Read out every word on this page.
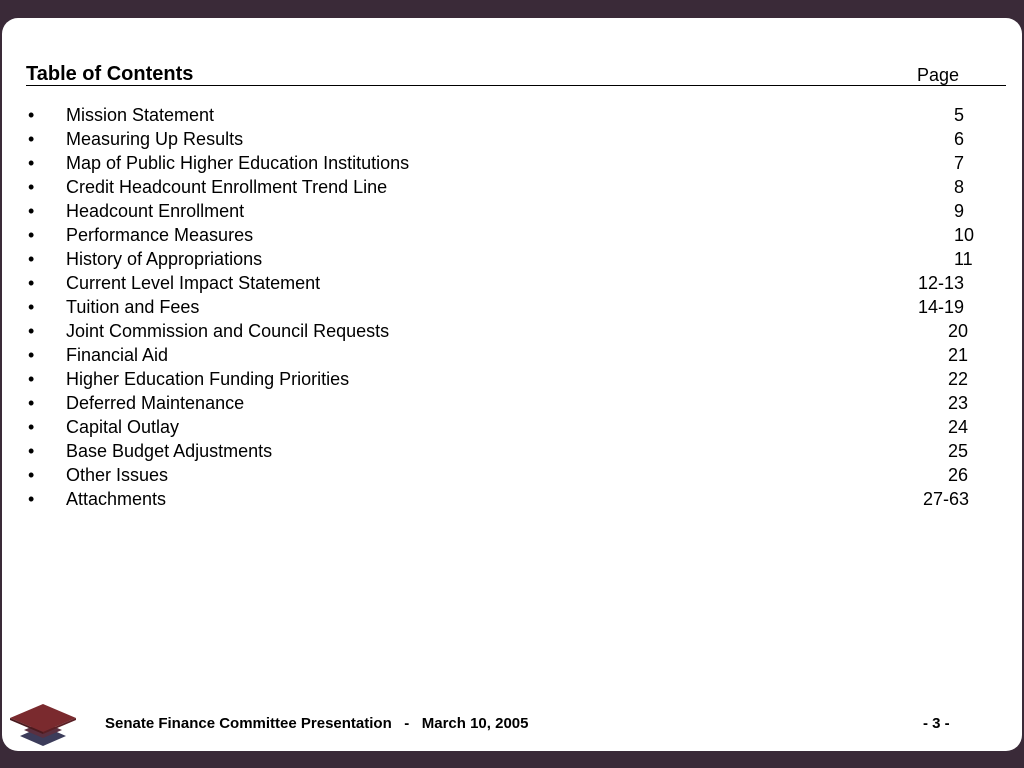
Table of Contents	Page
• Mission Statement	5
• Measuring Up Results	6
• Map of Public Higher Education Institutions	7
• Credit Headcount Enrollment Trend Line	8
• Headcount Enrollment	9
• Performance Measures	10
• History of Appropriations	11
• Current Level Impact Statement	12-13
• Tuition and Fees	14-19
• Joint Commission and Council Requests	20
• Financial Aid	21
• Higher Education Funding Priorities	22
• Deferred Maintenance	23
• Capital Outlay	24
• Base Budget Adjustments	25
• Other Issues	26
• Attachments	27-63
Senate Finance Committee Presentation   -   March 10, 2005	- 3 -
